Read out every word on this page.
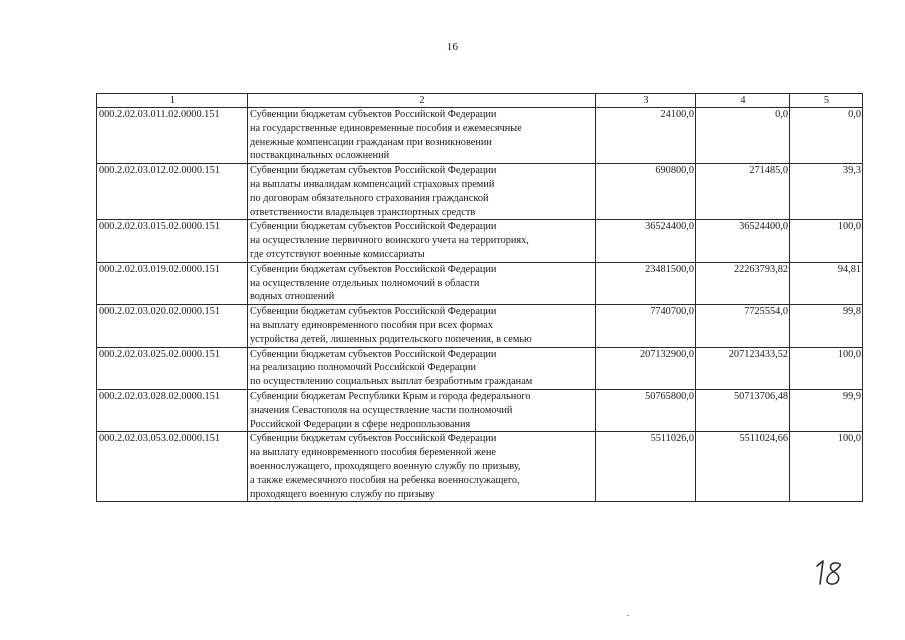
16
1	2	3	4	5
000.2.02.03.011.02.0000.151	Субвенции бюджетам субъектов Российской Федерации
на государственные единовременные пособия и ежемесячные
денежные компенсации гражданам при возникновении
поствакцинальных осложнений	24100,0	0,0	0,0
000.2.02.03.012.02.0000.151	Субвенции бюджетам субъектов Российской Федерации
на выплаты инвалидам компенсаций страховых премий
по договорам обязательного страхования гражданской
ответственности владельцев транспортных средств	690800,0	271485,0	39,3
000.2.02.03.015.02.0000.151	Субвенции бюджетам субъектов Российской Федерации
на осуществление первичного воинского учета на территориях,
где отсутствуют военные комиссариаты	36524400,0	36524400,0	100,0
000.2.02.03.019.02.0000.151	Субвенции бюджетам субъектов Российской Федерации
на осуществление отдельных полномочий в области
водных отношений	23481500,0	22263793,82	94,81
000.2.02.03.020.02.0000.151	Субвенции бюджетам субъектов Российской Федерации
на выплату единовременного пособия при всех формах
устройства детей, лишенных родительского попечения, в семью	7740700,0	7725554,0	99,8
000.2.02.03.025.02.0000.151	Субвенции бюджетам субъектов Российской Федерации
на реализацию полномочий Российской Федерации
по осуществлению социальных выплат безработным гражданам	207132900,0	207123433,52	100,0
000.2.02.03.028.02.0000.151	Субвенции бюджетам Республики Крым и города федерального
значения Севастополя на осуществление части полномочий
Российской Федерации в сфере недропользования	50765800,0	50713706,48	99,9
000.2.02.03.053.02.0000.151	Субвенции бюджетам субъектов Российской Федерации
на выплату единовременного пособия беременной жене
военнослужащего, проходящего военную службу по призыву,
а также ежемесячного пособия на ребенка военнослужащего,
проходящего военную службу по призыву	5511026,0	5511024,66	100,0
